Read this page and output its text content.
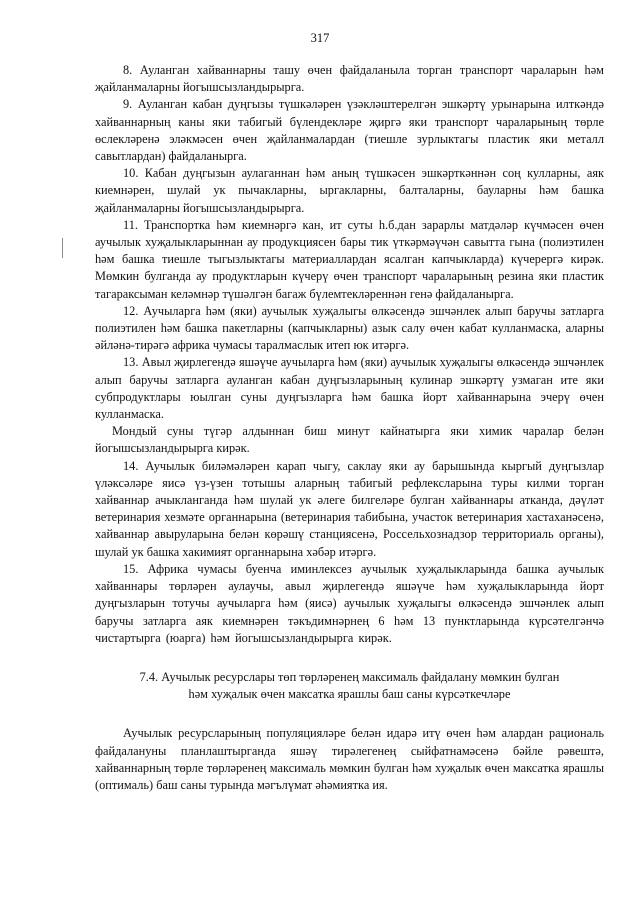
317

8. Ауланган хайваннарны ташу өчен файдаланыла торган транспорт чараларын һәм җайланмаларны йогышсызландырырга.

9. Ауланган кабан дуңгызы түшкәләрен үзәкләштерелгән эшкәртү урынарына илткәндә хайваннарның каны яки табигый бүлендекләре җиргә яки транспорт чараларының төрле өслекләренә эләкмәсен өчен җайланмалардан (тиешле зурлыктагы пластик яки металл савытлардан) файдаланырга.

10. Кабан дуңгызын аулаганнан һәм аның түшкәсен эшкәрткәннән соң кулларны, аяк киемнәрен, шулай ук пычакларны, ыргакларны, балталарны, бауларны һәм башка җайланмаларны йогышсызландырырга.

11. Транспортка һәм киемнәргә кан, ит суты һ.б.дан зарарлы матдәләр күчмәсен өчен аучылык хуҗалыкларыннан ау продукциясен бары тик үткәрмәүчән савытта гына (полиэтилен һәм башка тиешле тыгызлыктагы материаллардан ясалган капчыкларда) күчерергә кирәк. Мөмкин булганда ау продуктларын күчерү өчен транспорт чараларының резина яки пластик тагараксыман келәмнәр түшәлгән багаж бүлемтекләреннән генә файдаланырга.

12. Аучыларга һәм (яки) аучылык хуҗалыгы өлкәсендә эшчәнлек алып баручы затларга полиэтилен һәм башка пакетларны (капчыкларны) азык салу өчен кабат кулланмаска, аларны әйләнә-тирәгә африка чумасы таралмаслык итеп юк итәргә.

13. Авыл җирлегендә яшәүче аучыларга һәм (яки) аучылык хуҗалыгы өлкәсендә эшчәнлек алып баручы затларга ауланган кабан дуңгызларының кулинар эшкәртү узмаган ите яки субпродуктлары юылган суны дуңгызларга һәм башка йорт хайваннарына эчерү өчен кулланмаска.

Мондый суны түгәр алдыннан биш минут кайнатырга яки химик чаралар белән йогышсызландырырга кирәк.

14. Аучылык биләмәләрен карап чыгу, саклау яки ау барышында кыргый дуңгызлар үләксәләре яисә үз-үзен тотышы аларның табигый рефлексларына туры килми торган хайваннар ачыкланганда һәм шулай ук әлеге билгеләре булган хайваннары атканда, дәүләт ветеринария хезмәте органнарына (ветеринария табибына, участок ветеринария хастаханәсенә, хайваннар авыруларына белән көрәшү станциясенә, Россельхознадзор территориаль органы), шулай ук башка хакимият органнарына хәбәр итәргә.

15. Африка чумасы буенча иминлексез аучылык хуҗалыкларында башка аучылык хайваннары төрләрен аулаучы, авыл җирлегендә яшәүче һәм хуҗалыкларында йорт дуңгызларын тотучы аучыларга һәм (яисә) аучылык хуҗалыгы өлкәсендә эшчәнлек алып баручы затларга аяк киемнәрен тәкъдимнәрнең 6 һәм 13 пунктларында күрсәтелгәнчә чистартырга (юарга) һәм йогышсызландырырга кирәк.

7.4. Аучылык ресурслары төп төрләренең максималь файдалану мөмкин булган
һәм хуҗалык өчен максатка ярашлы баш саны күрсәткечләре

Аучылык ресурсларының популяцияләре белән идарә итү өчен һәм алардан рациональ файдалануны планлаштырганда яшәү тирәлегенең сыйфатнамәсенә бәйле рәвештә, хайваннарның төрле төрләренең максималь мөмкин булган һәм хуҗалык өчен максатка ярашлы (оптималь) баш саны турында мәгълүмат әһәмиятка ия.
